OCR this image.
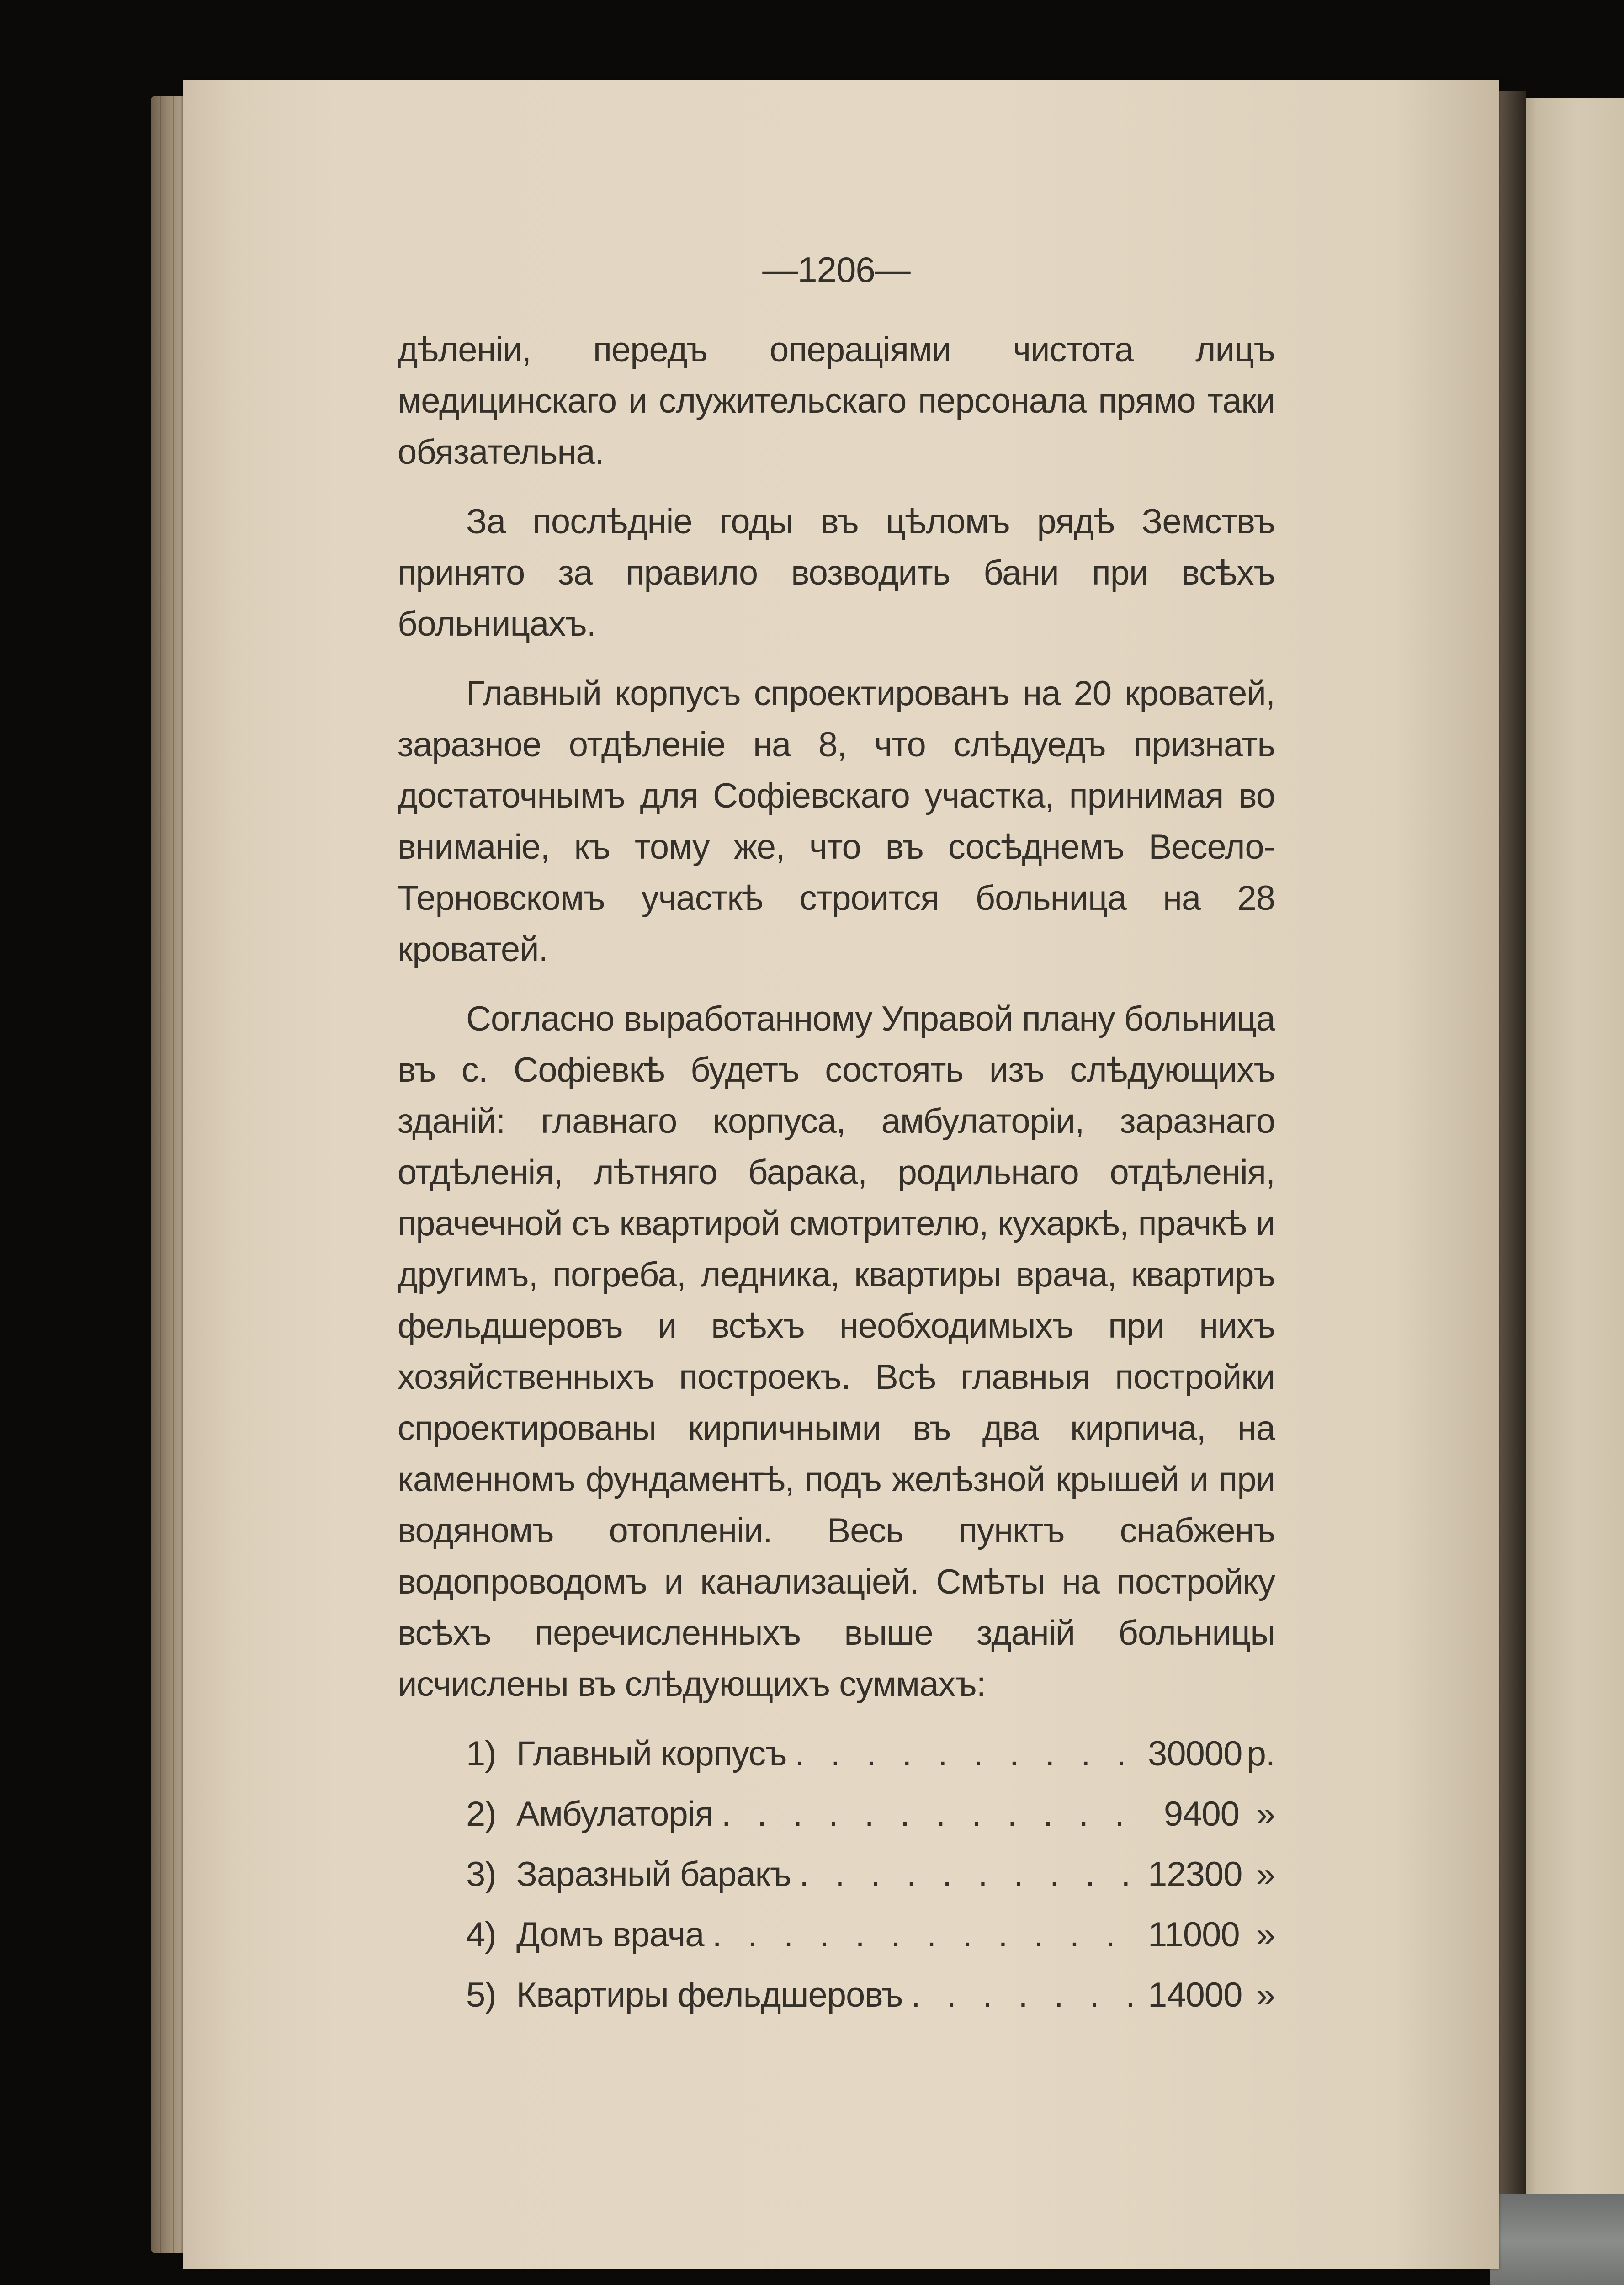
—1206—

дѣленіи, передъ операціями чистота лицъ медицинскаго и служительскаго персонала прямо таки обязательна.

За послѣдніе годы въ цѣломъ рядѣ Земствъ принято за правило возводить бани при всѣхъ больницахъ.

Главный корпусъ спроектированъ на 20 кроватей, заразное отдѣленіе на 8, что слѣдуедъ признать достаточнымъ для Софіевскаго участка, принимая во вниманіе, къ тому же, что въ сосѣднемъ Весело-Терновскомъ участкѣ строится больница на 28 кроватей.

Согласно выработанному Управой плану больница въ с. Софіевкѣ будетъ состоять изъ слѣдующихъ зданій: главнаго корпуса, амбулаторіи, заразнаго отдѣленія, лѣтняго барака, родильнаго отдѣленія, прачечной съ квартирой смотрителю, кухаркѣ, прачкѣ и другимъ, погреба, ледника, квартиры врача, квартиръ фельдшеровъ и всѣхъ необходимыхъ при нихъ хозяйственныхъ построекъ. Всѣ главныя постройки спроектированы кирпичными въ два кирпича, на каменномъ фундаментѣ, подъ желѣзной крышей и при водяномъ отопленіи. Весь пунктъ снабженъ водопроводомъ и канализаціей. Смѣты на постройку всѣхъ перечисленныхъ выше зданій больницы исчислены въ слѣдующихъ суммахъ:

1) Главный корпусъ . . .	30000 р.
2) Амбулаторія . . .	9400 »
3) Заразный баракъ . . .	12300 »
4) Домъ врача . . .	11000 »
5) Квартиры фельдшеровъ . . .	14000 »
